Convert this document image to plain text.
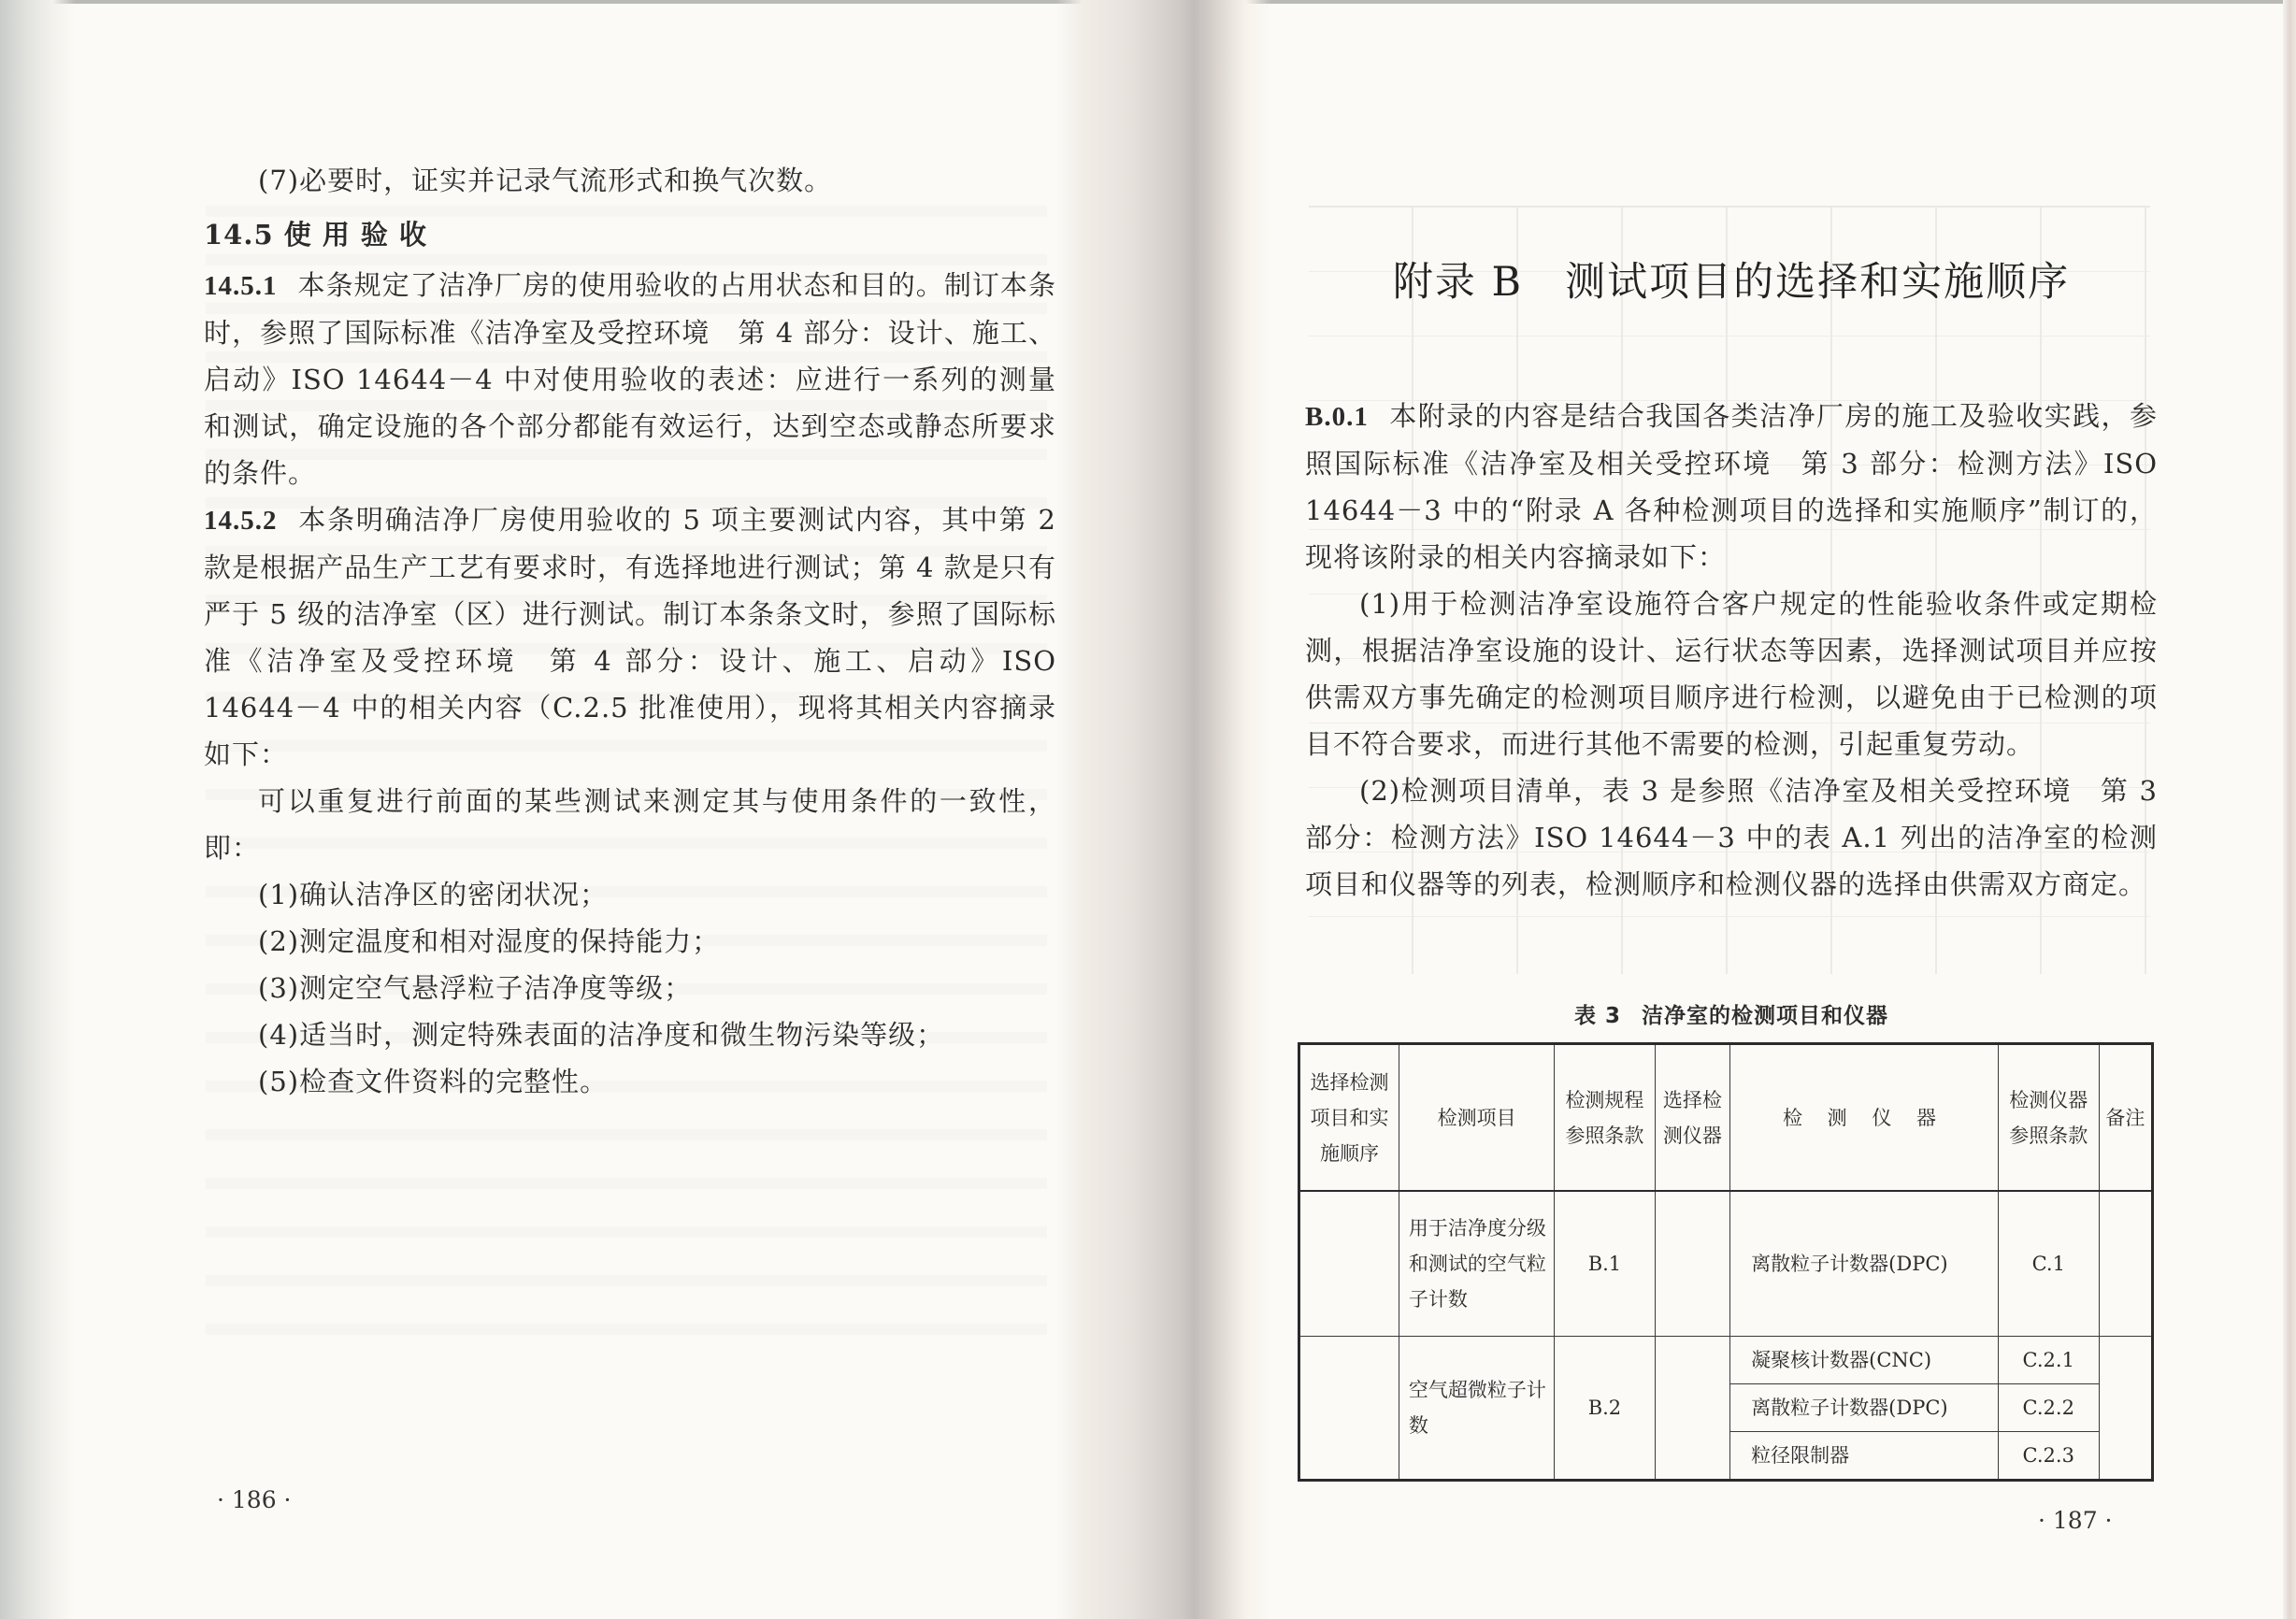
(7)必要时，证实并记录气流形式和换气次数。

14.5 使 用 验 收

14.5.1 本条规定了洁净厂房的使用验收的占用状态和目的。制订本条时，参照了国际标准《洁净室及受控环境　第 4 部分：设计、施工、启动》ISO 14644－4 中对使用验收的表述：应进行一系列的测量和测试，确定设施的各个部分都能有效运行，达到空态或静态所要求的条件。

14.5.2 本条明确洁净厂房使用验收的 5 项主要测试内容，其中第 2 款是根据产品生产工艺有要求时，有选择地进行测试；第 4 款是只有严于 5 级的洁净室（区）进行测试。制订本条条文时，参照了国际标准《洁净室及受控环境　第 4 部分：设计、施工、启动》ISO 14644－4 中的相关内容（C.2.5 批准使用），现将其相关内容摘录如下：

可以重复进行前面的某些测试来测定其与使用条件的一致性，即：

(1)确认洁净区的密闭状况；

(2)测定温度和相对湿度的保持能力；

(3)测定空气悬浮粒子洁净度等级；

(4)适当时，测定特殊表面的洁净度和微生物污染等级；

(5)检查文件资料的完整性。

· 186 ·
附录 B　测试项目的选择和实施顺序

B.0.1 本附录的内容是结合我国各类洁净厂房的施工及验收实践，参照国际标准《洁净室及相关受控环境　第 3 部分：检测方法》ISO 14644－3 中的“附录 A 各种检测项目的选择和实施顺序”制订的，现将该附录的相关内容摘录如下：

(1)用于检测洁净室设施符合客户规定的性能验收条件或定期检测，根据洁净室设施的设计、运行状态等因素，选择测试项目并应按供需双方事先确定的检测项目顺序进行检测，以避免由于已检测的项目不符合要求，而进行其他不需要的检测，引起重复劳动。

(2)检测项目清单，表 3 是参照《洁净室及相关受控环境　第 3 部分：检测方法》ISO 14644－3 中的表 A.1 列出的洁净室的检测项目和仪器等的列表，检测顺序和检测仪器的选择由供需双方商定。

表 3 洁净室的检测项目和仪器
选择检测项目和实施顺序	检测项目	检测规程参照条款	选择检测仪器	检 测 仪 器	检测仪器参照条款	备注
	用于洁净度分级和测试的空气粒子计数	B.1		离散粒子计数器(DPC)	C.1	
	空气超微粒子计数	B.2		凝聚核计数器(CNC)	C.2.1	
				离散粒子计数器(DPC)	C.2.2	
				粒径限制器	C.2.3	
· 187 ·
